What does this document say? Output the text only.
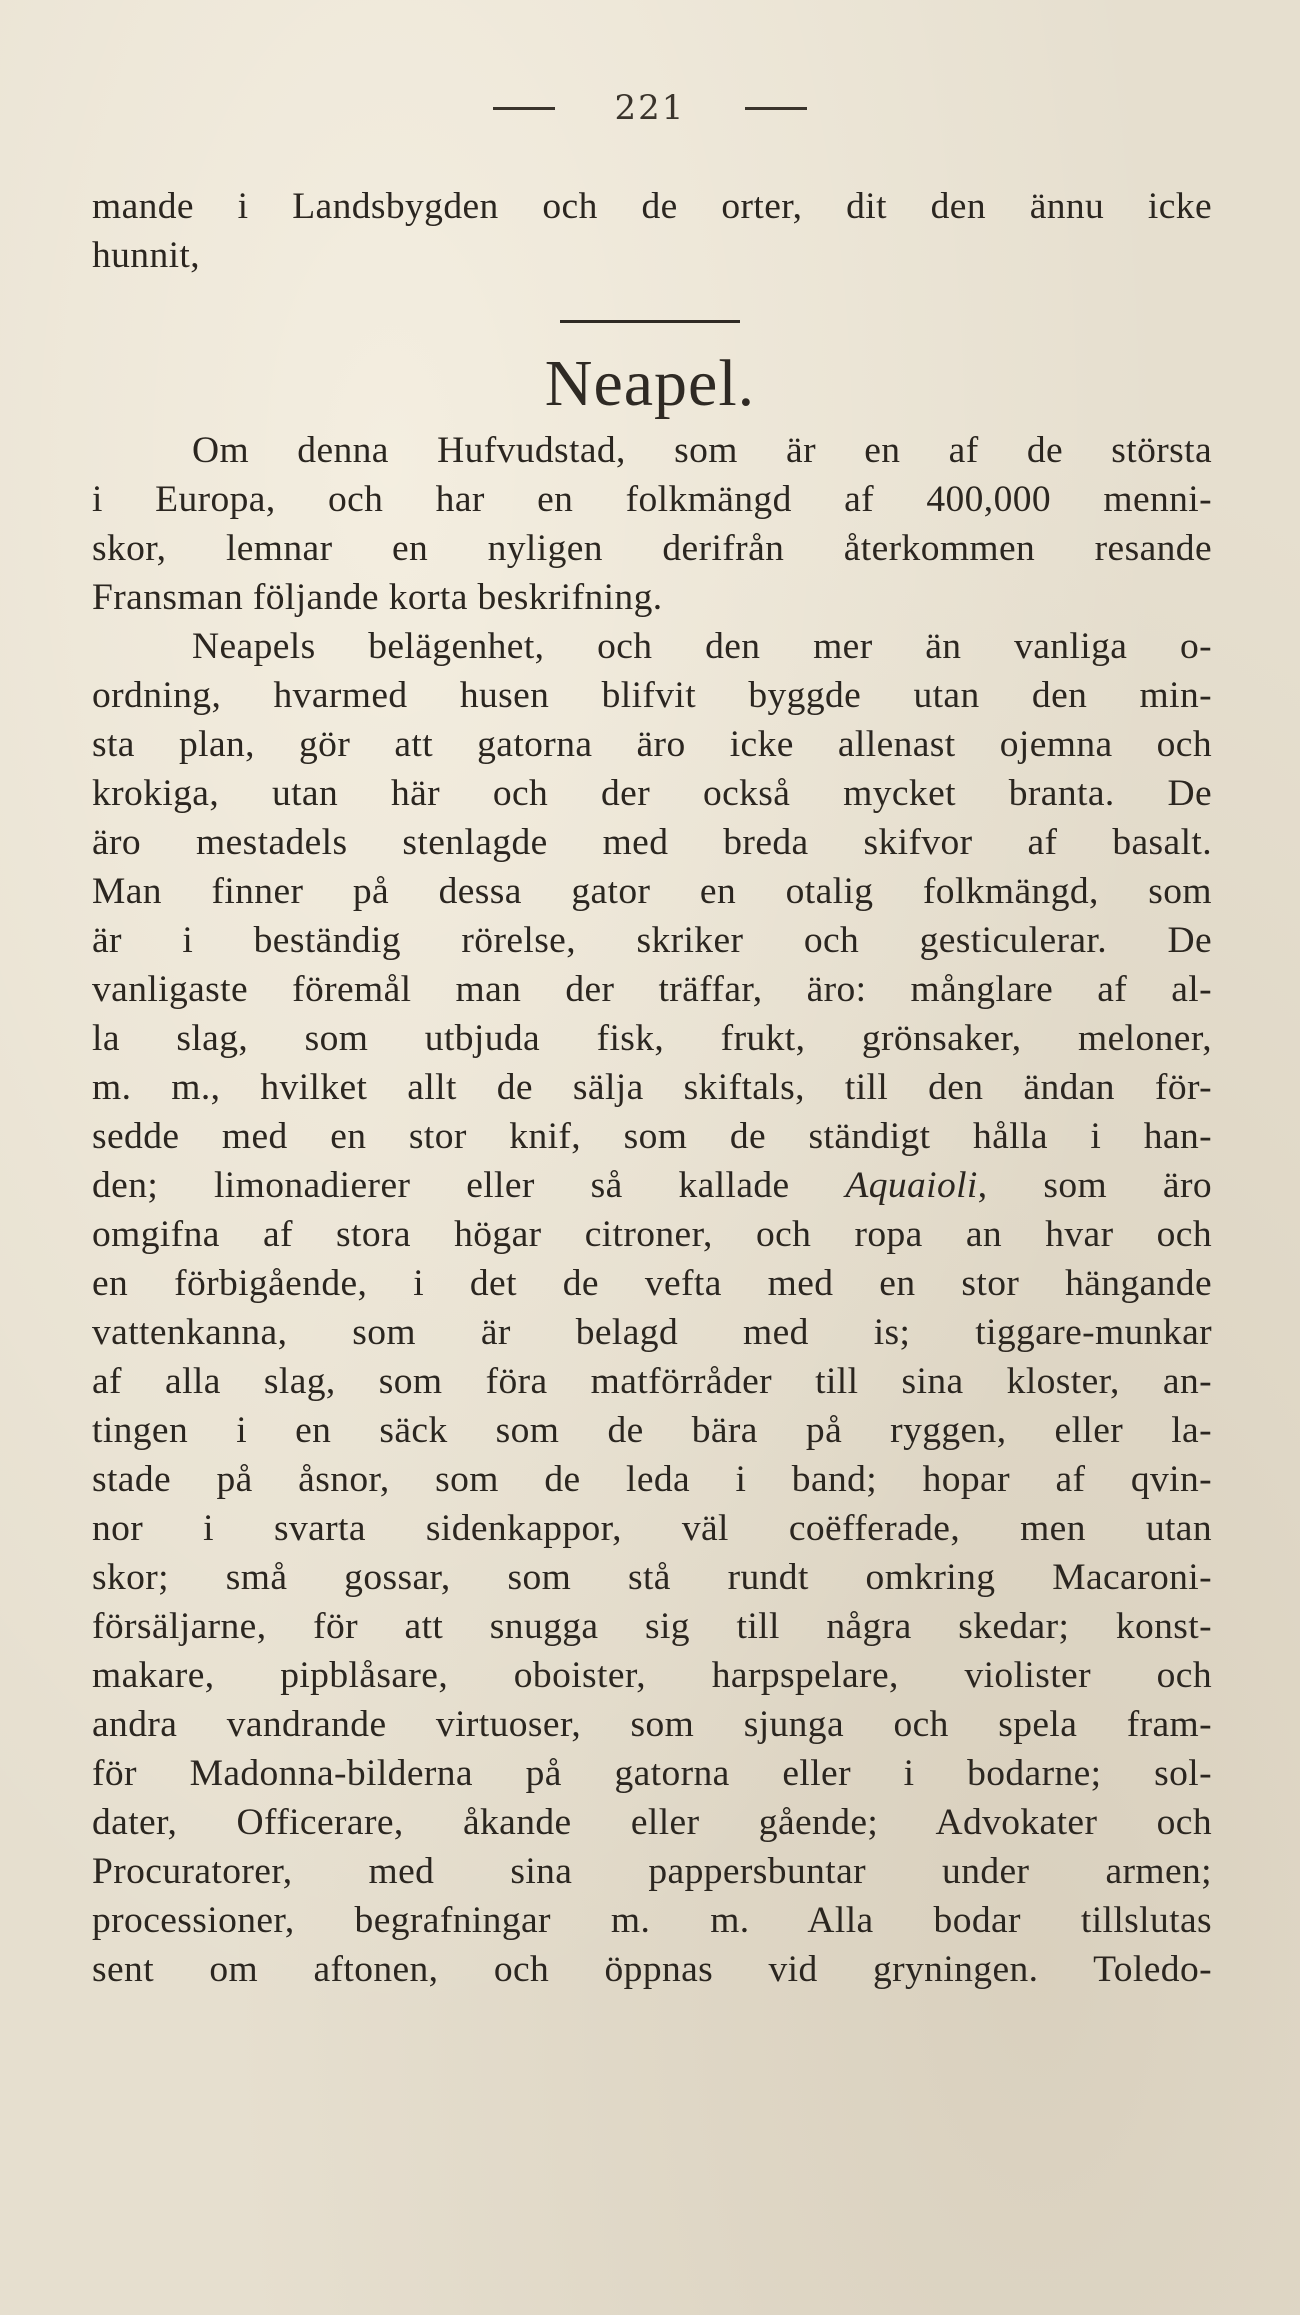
221
mande i Landsbygden och de orter, dit den ännu icke
hunnit,
Neapel.
Om denna Hufvudstad, som är en af de största
i Europa, och har en folkmängd af 400,000 menni-
skor, lemnar en nyligen derifrån återkommen resande
Fransman följande korta beskrifning.
Neapels belägenhet, och den mer än vanliga o-
ordning, hvarmed husen blifvit byggde utan den min-
sta plan, gör att gatorna äro icke allenast ojemna och
krokiga, utan här och der också mycket branta. De
äro mestadels stenlagde med breda skifvor af basalt.
Man finner på dessa gator en otalig folkmängd, som
är i beständig rörelse, skriker och gesticulerar. De
vanligaste föremål man der träffar, äro: månglare af al-
la slag, som utbjuda fisk, frukt, grönsaker, meloner,
m. m., hvilket allt de sälja skiftals, till den ändan för-
sedde med en stor knif, som de ständigt hålla i han-
den; limonadierer eller så kallade Aquaioli, som äro
omgifna af stora högar citroner, och ropa an hvar och
en förbigående, i det de vefta med en stor hängande
vattenkanna, som är belagd med is; tiggare-munkar
af alla slag, som föra matförråder till sina kloster, an-
tingen i en säck som de bära på ryggen, eller la-
stade på åsnor, som de leda i band; hopar af qvin-
nor i svarta sidenkappor, väl coëfferade, men utan
skor; små gossar, som stå rundt omkring Macaroni-
försäljarne, för att snugga sig till några skedar; konst-
makare, pipblåsare, oboister, harpspelare, violister och
andra vandrande virtuoser, som sjunga och spela fram-
för Madonna-bilderna på gatorna eller i bodarne; sol-
dater, Officerare, åkande eller gående; Advokater och
Procuratorer, med sina pappersbuntar under armen;
processioner, begrafningar m. m. Alla bodar tillslutas
sent om aftonen, och öppnas vid gryningen. Toledo-
